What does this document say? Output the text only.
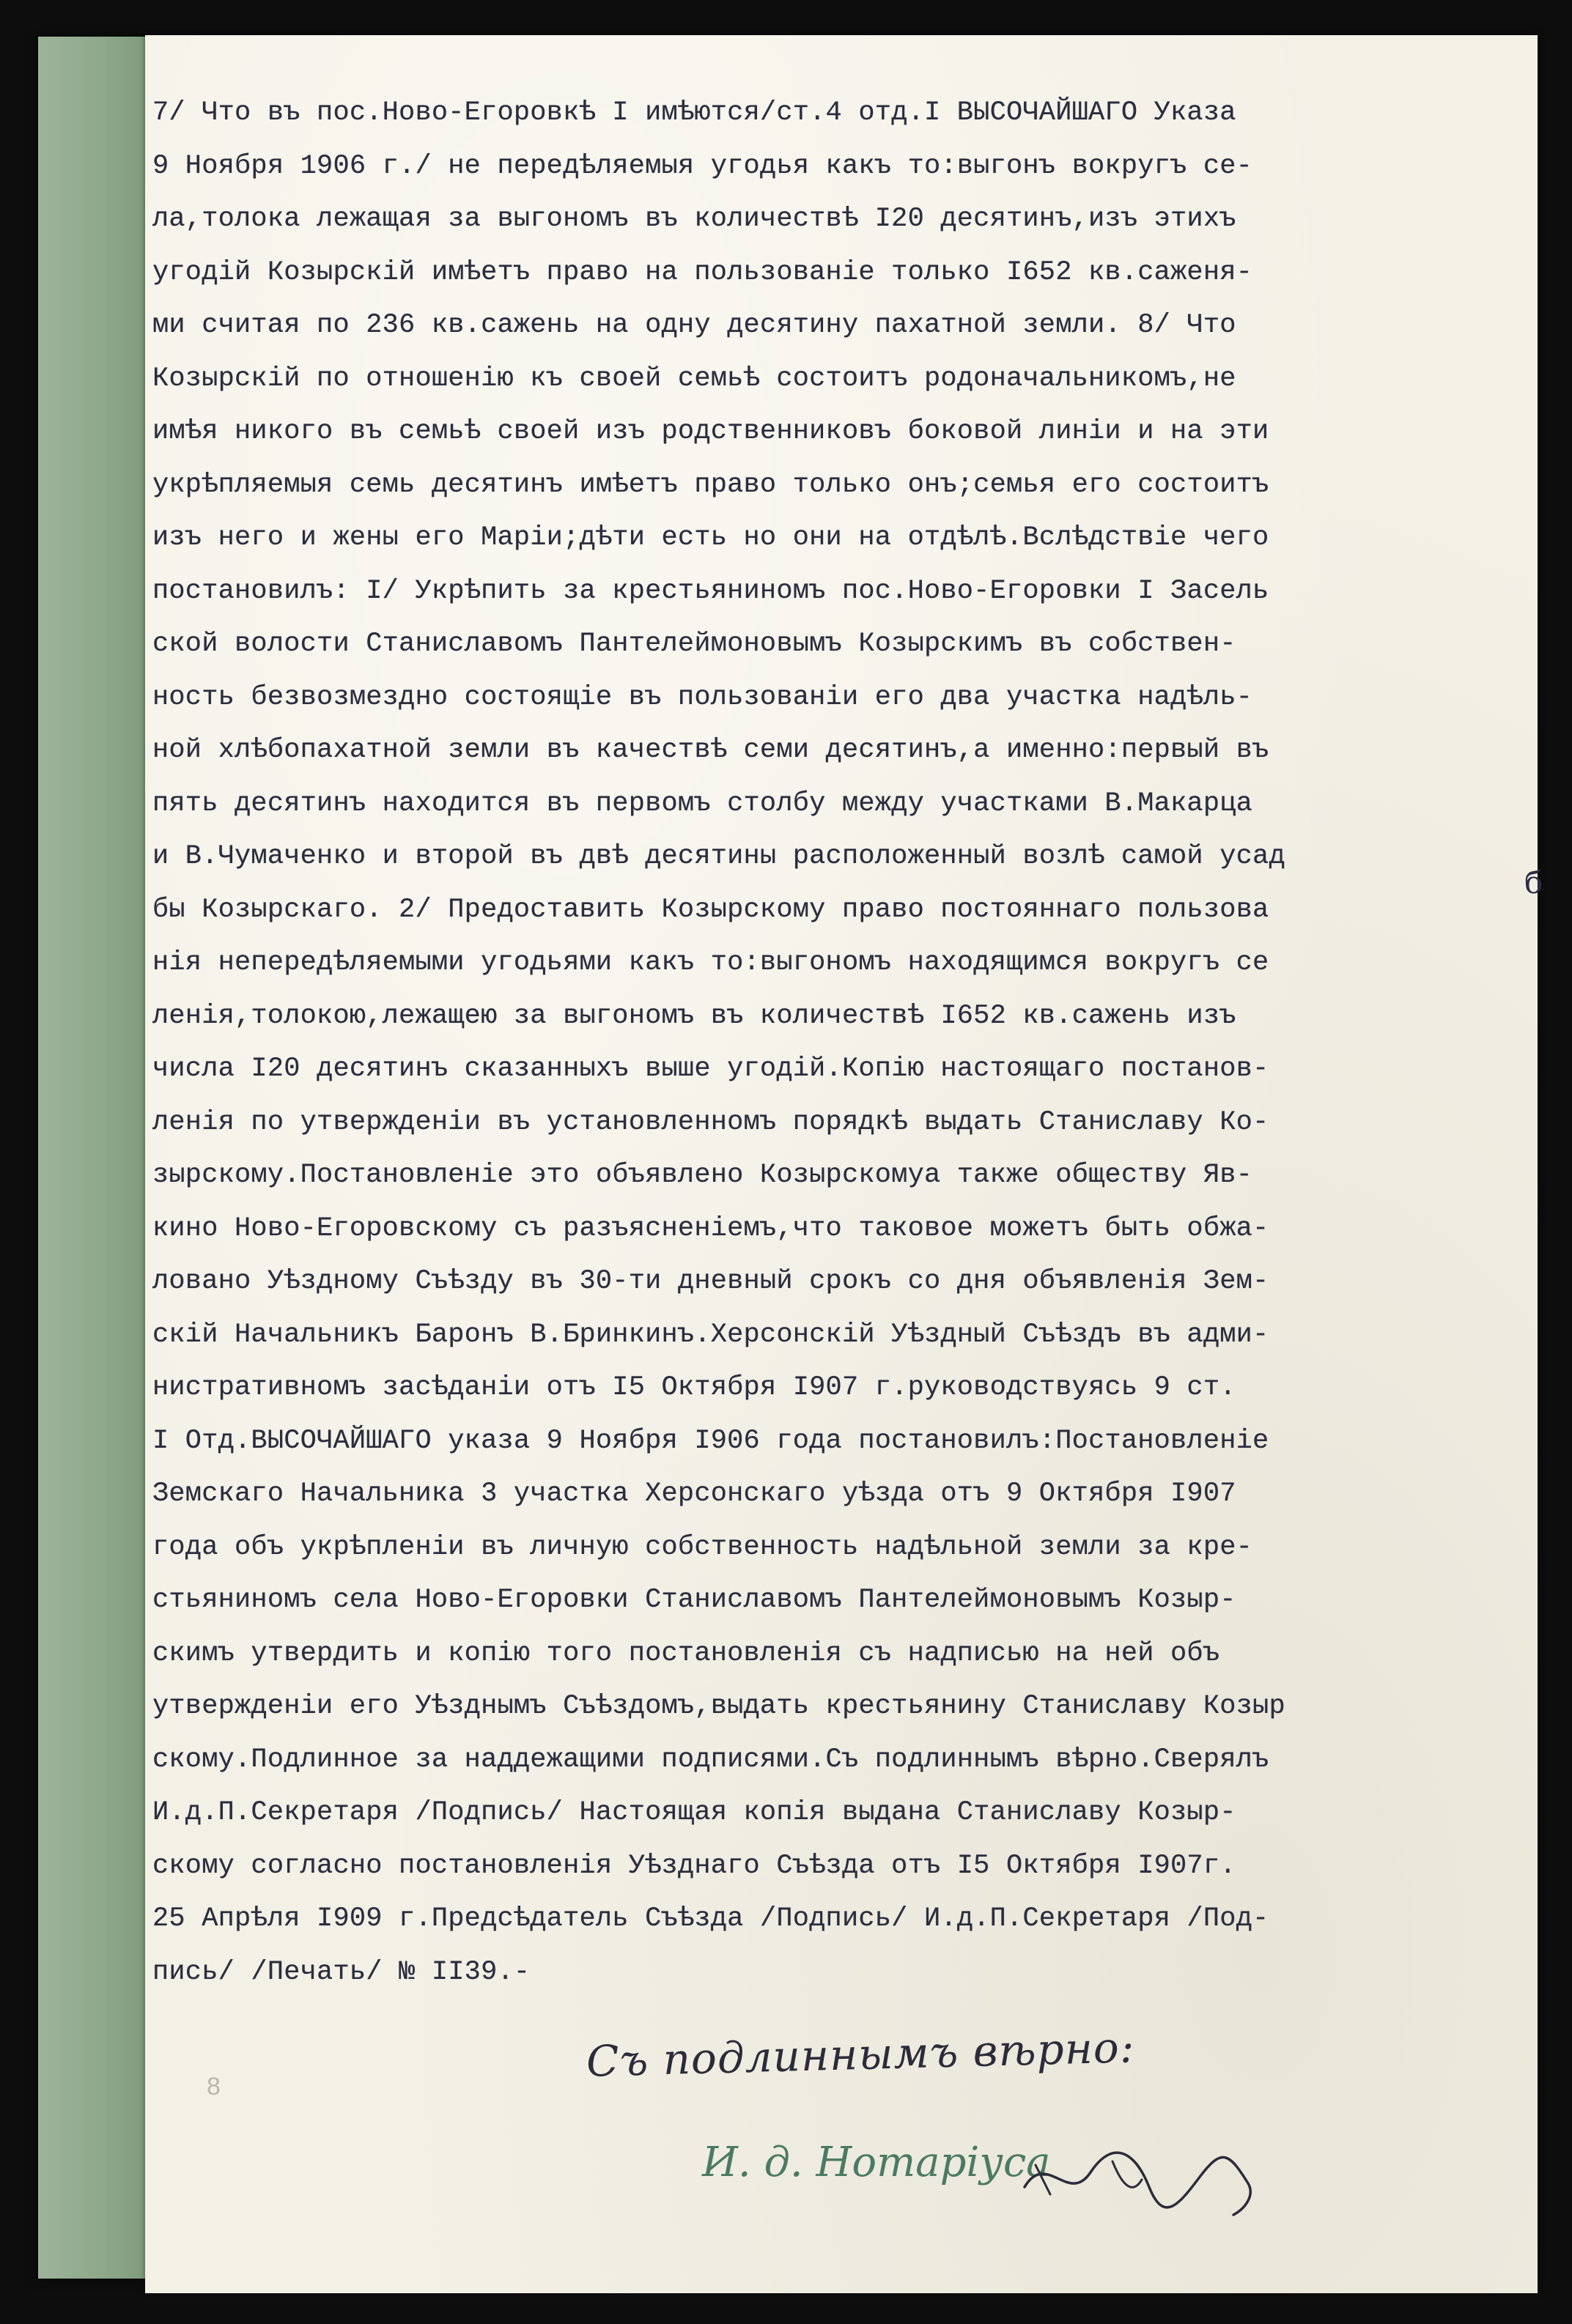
7/ Что въ пос.Ново-Егоровкѣ I имѣются/ст.4 отд.I ВЫСОЧАЙШАГО Указа
9 Ноября 1906 г./ не передѣляемыя угодья какъ то:выгонъ вокругъ се-
ла,толока лежащая за выгономъ въ количествѣ I20 десятинъ,изъ этихъ
угодій Козырскій имѣетъ право на пользованіе только I652 кв.саженя-
ми считая по 236 кв.сажень на одну десятину пахатной земли. 8/ Что
Козырскій по отношенію къ своей семьѣ состоитъ родоначальникомъ,не
имѣя никого въ семьѣ своей изъ родственниковъ боковой линіи и на эти
укрѣпляемыя семь десятинъ имѣетъ право только онъ;семья его состоитъ
изъ него и жены его Маріи;дѣти есть но они на отдѣлѣ.Вслѣдствіе чего
постановилъ: I/ Укрѣпить за крестьяниномъ пос.Ново-Егоровки I Засель
ской волости Станиславомъ Пантелеймоновымъ Козырскимъ въ собствен-
ность безвозмездно состоящіе въ пользованіи его два участка надѣль-
ной хлѣбопахатной земли въ качествѣ семи десятинъ,а именно:первый въ
пять десятинъ находится въ первомъ столбу между участками В.Макарца
и В.Чумаченко и второй въ двѣ десятины расположенный возлѣ самой усад
бы Козырскаго. 2/ Предоставить Козырскому право постояннаго пользова
нія непередѣляемыми угодьями какъ то:выгономъ находящимся вокругъ се
ленія,толокою,лежащею за выгономъ въ количествѣ I652 кв.сажень изъ
числа I20 десятинъ сказанныхъ выше угодій.Копію настоящаго постанов-
ленія по утвержденіи въ установленномъ порядкѣ выдать Станиславу Ко-
зырскому.Постановленіе это объявлено Козырскомуа также обществу Яв-
кино Ново-Егоровскому съ разъясненіемъ,что таковое можетъ быть обжа-
ловано Уѣздному Съѣзду въ 30-ти дневный срокъ со дня объявленія Зем-
скій Начальникъ Баронъ В.Бринкинъ.Херсонскій Уѣздный Съѣздъ въ адми-
нистративномъ засѣданіи отъ I5 Октября I907 г.руководствуясь 9 ст.
I Отд.ВЫСОЧАЙШАГО указа 9 Ноября I906 года постановилъ:Постановленіе
Земскаго Начальника 3 участка Херсонскаго уѣзда отъ 9 Октября I907
года объ укрѣпленіи въ личную собственность надѣльной земли за кре-
стьяниномъ села Ново-Егоровки Станиславомъ Пантелеймоновымъ Козыр-
скимъ утвердить и копію того постановленія съ надписью на ней объ
утвержденіи его Уѣзднымъ Съѣздомъ,выдать крестьянину Станиславу Козыр
скому.Подлинное за наддежащими подписями.Съ подлиннымъ вѣрно.Сверялъ
И.д.П.Секретаря /Подпись/ Настоящая копія выдана Станиславу Козыр-
скому согласно постановленія Уѣзднаго Съѣзда отъ I5 Октября I907г.
25 Апрѣля I909 г.Предсѣдатель Съѣзда /Подпись/ И.д.П.Секретаря /Под-
пись/ /Печать/ № II39.-
б
8
Съ подлиннымъ вѣрно:
И. д. Нотаріуса
